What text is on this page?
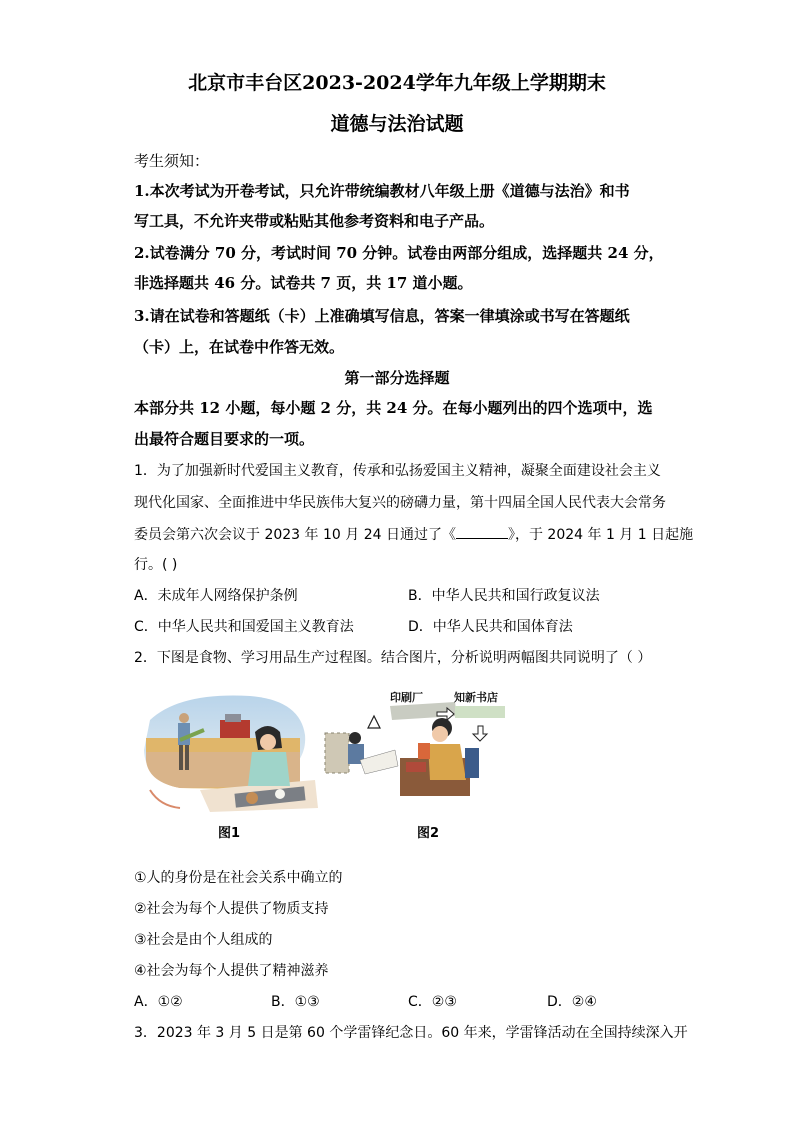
北京市丰台区2023-2024学年九年级上学期期末
道德与法治试题
考生须知：
1.本次考试为开卷考试，只允许带统编教材八年级上册《道德与法治》和书
写工具，不允许夹带或粘贴其他参考资料和电子产品。
2.试卷满分 70 分，考试时间 70 分钟。试卷由两部分组成，选择题共 24 分，
非选择题共 46 分。试卷共 7 页，共 17 道小题。
3.请在试卷和答题纸（卡）上准确填写信息，答案一律填涂或书写在答题纸
（卡）上，在试卷中作答无效。
第一部分选择题
本部分共 12 小题，每小题 2 分，共 24 分。在每小题列出的四个选项中，选
出最符合题目要求的一项。
1．为了加强新时代爱国主义教育，传承和弘扬爱国主义精神，凝聚全面建设社会主义
现代化国家、全面推进中华民族伟大复兴的磅礴力量，第十四届全国人民代表大会常务
委员会第六次会议于 2023 年 10 月 24 日通过了《	》，于 2024 年 1 月 1 日起施
行。( )
A．未成年人网络保护条例	B．中华人民共和国行政复议法
C．中华人民共和国爱国主义教育法	D．中华人民共和国体育法
2．下图是食物、学习用品生产过程图。结合图片，分析说明两幅图共同说明了（ ）
图1
印刷厂	知新书店
图2
①人的身份是在社会关系中确立的
②社会为每个人提供了物质支持
③社会是由个人组成的
④社会为每个人提供了精神滋养
A．①②	B．①③	C．②③	D．②④
3．2023 年 3 月 5 日是第 60 个学雷锋纪念日。60 年来，学雷锋活动在全国持续深入开
